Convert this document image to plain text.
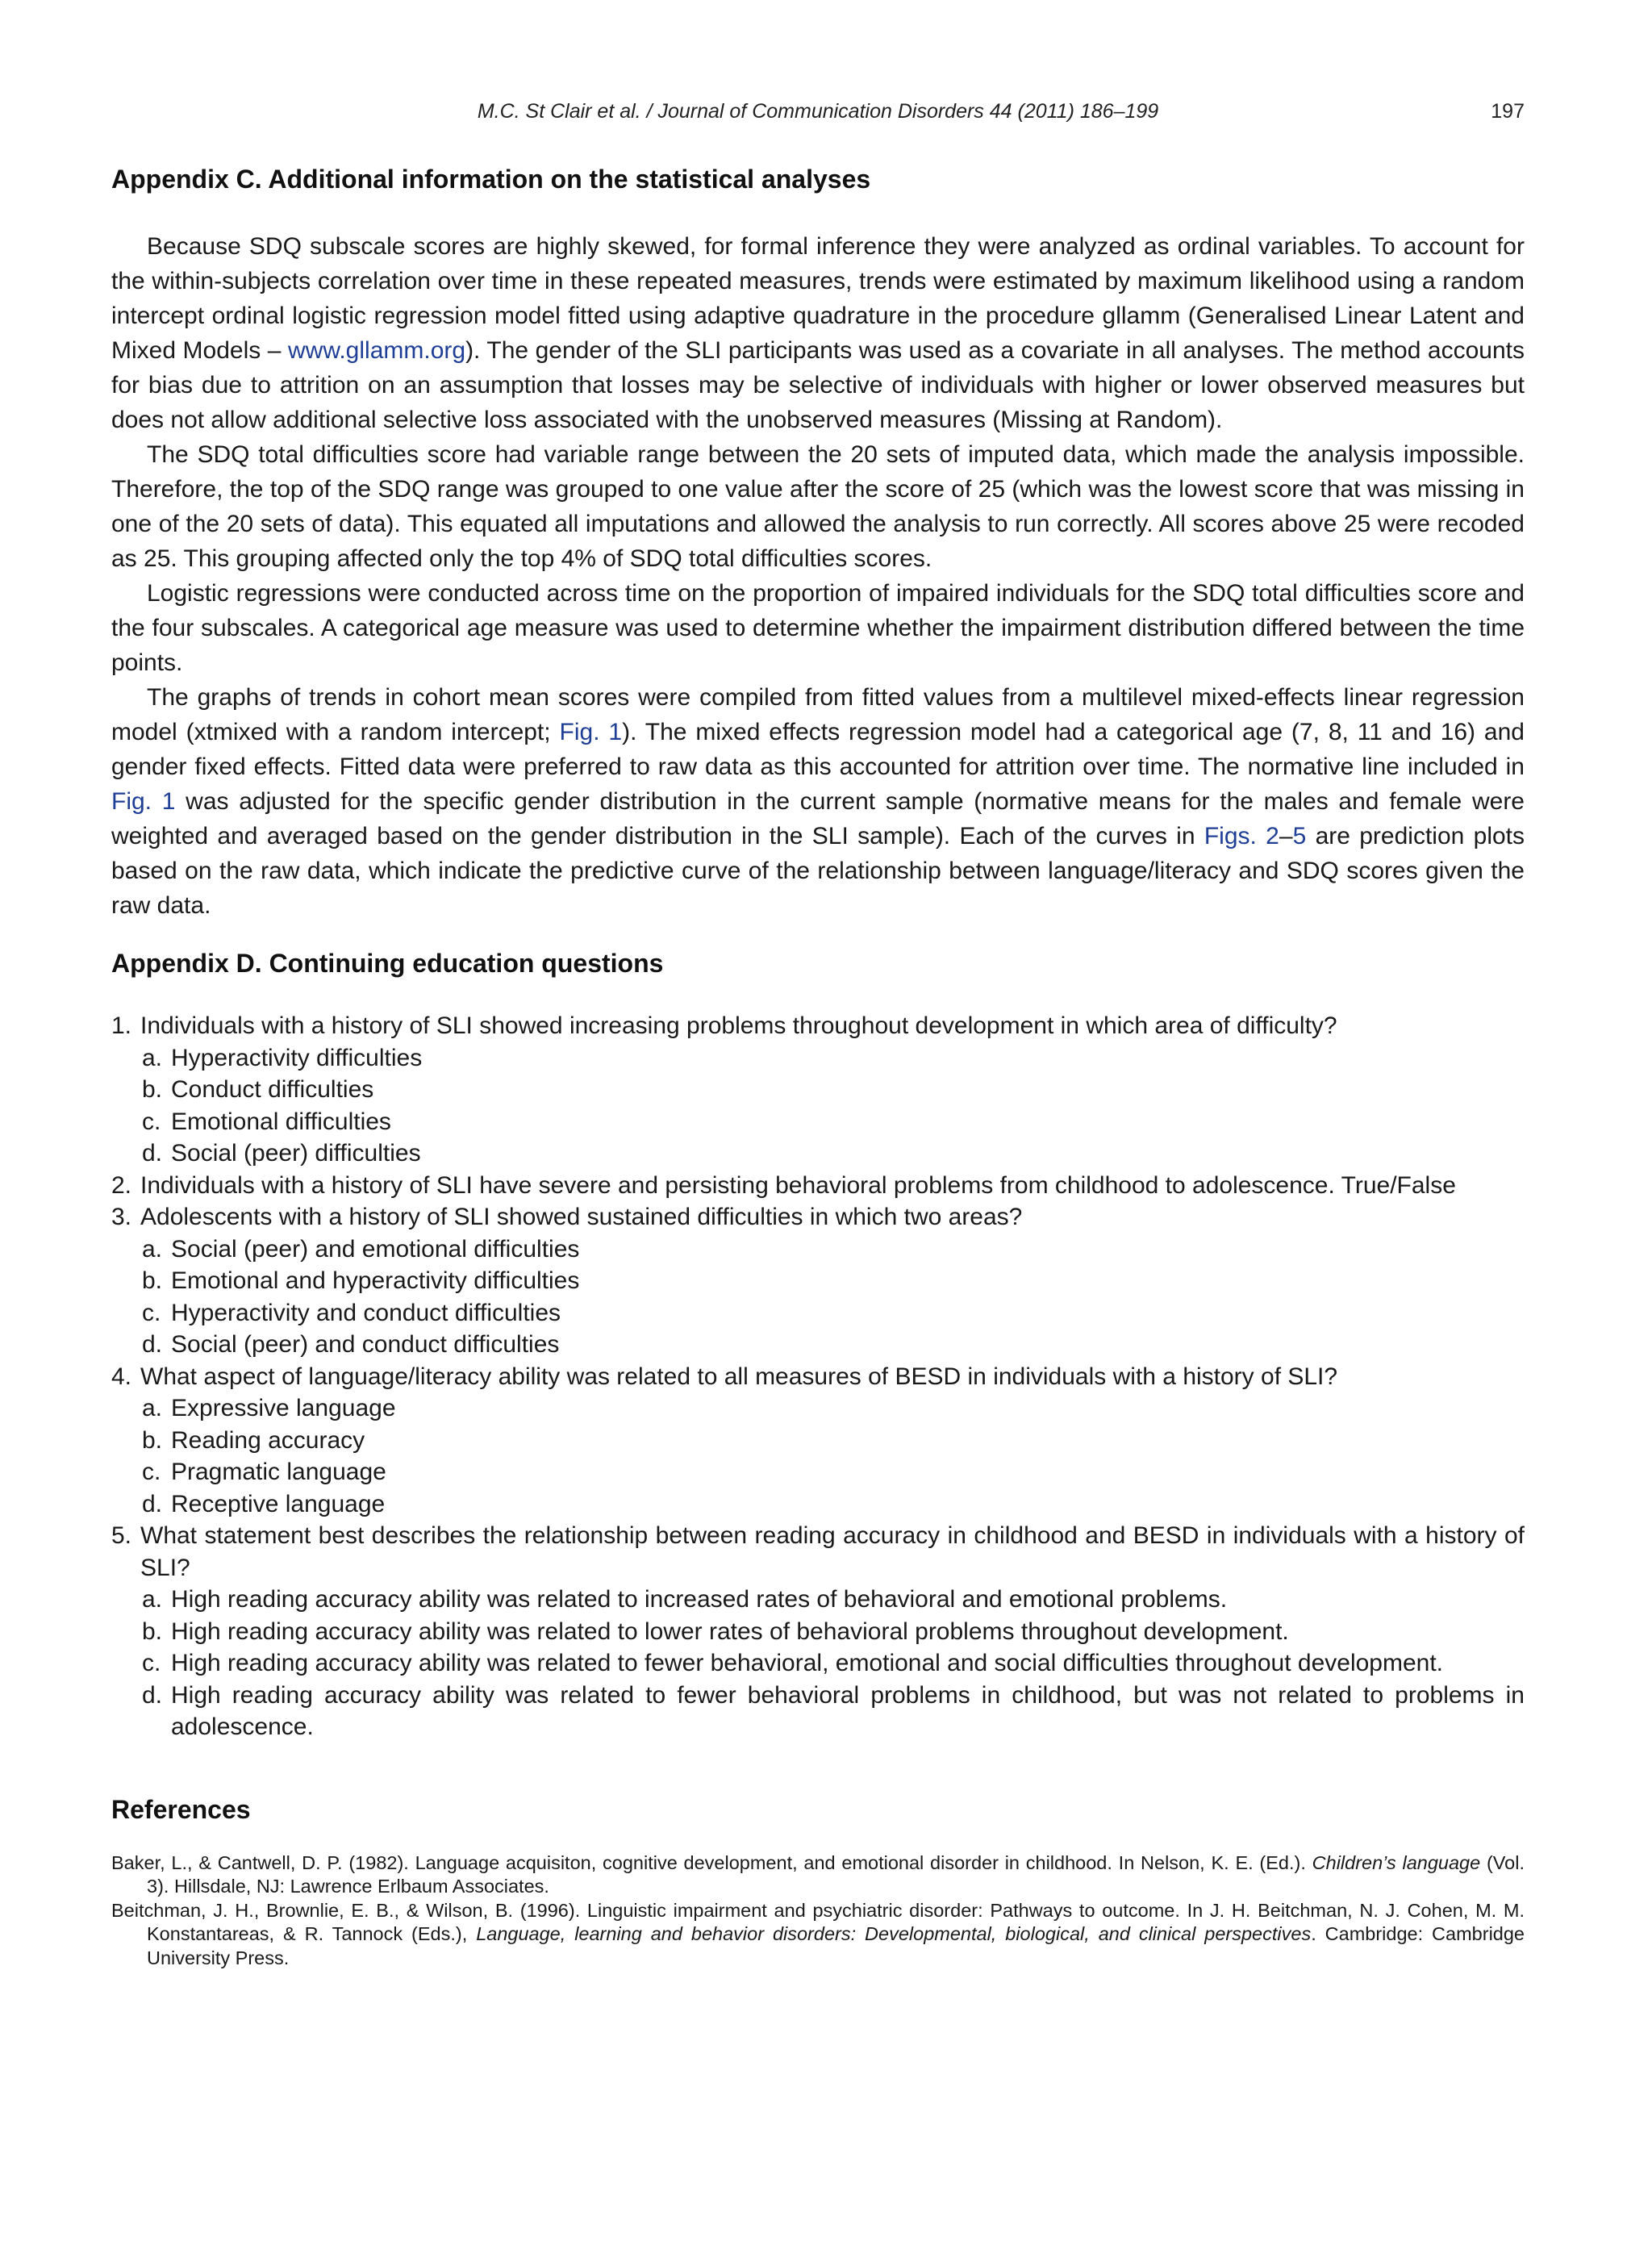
M.C. St Clair et al. / Journal of Communication Disorders 44 (2011) 186–199	197
Appendix C. Additional information on the statistical analyses

Because SDQ subscale scores are highly skewed, for formal inference they were analyzed as ordinal variables. To account for the within-subjects correlation over time in these repeated measures, trends were estimated by maximum likelihood using a random intercept ordinal logistic regression model fitted using adaptive quadrature in the procedure gllamm (Generalised Linear Latent and Mixed Models – www.gllamm.org). The gender of the SLI participants was used as a covariate in all analyses. The method accounts for bias due to attrition on an assumption that losses may be selective of individuals with higher or lower observed measures but does not allow additional selective loss associated with the unobserved measures (Missing at Random).

The SDQ total difficulties score had variable range between the 20 sets of imputed data, which made the analysis impossible. Therefore, the top of the SDQ range was grouped to one value after the score of 25 (which was the lowest score that was missing in one of the 20 sets of data). This equated all imputations and allowed the analysis to run correctly. All scores above 25 were recoded as 25. This grouping affected only the top 4% of SDQ total difficulties scores.

Logistic regressions were conducted across time on the proportion of impaired individuals for the SDQ total difficulties score and the four subscales. A categorical age measure was used to determine whether the impairment distribution differed between the time points.

The graphs of trends in cohort mean scores were compiled from fitted values from a multilevel mixed-effects linear regression model (xtmixed with a random intercept; Fig. 1). The mixed effects regression model had a categorical age (7, 8, 11 and 16) and gender fixed effects. Fitted data were preferred to raw data as this accounted for attrition over time. The normative line included in Fig. 1 was adjusted for the specific gender distribution in the current sample (normative means for the males and female were weighted and averaged based on the gender distribution in the SLI sample). Each of the curves in Figs. 2–5 are prediction plots based on the raw data, which indicate the predictive curve of the relationship between language/literacy and SDQ scores given the raw data.

Appendix D. Continuing education questions
1. Individuals with a history of SLI showed increasing problems throughout development in which area of difficulty?
a. Hyperactivity difficulties
b. Conduct difficulties
c. Emotional difficulties
d. Social (peer) difficulties
2. Individuals with a history of SLI have severe and persisting behavioral problems from childhood to adolescence. True/False
3. Adolescents with a history of SLI showed sustained difficulties in which two areas?
a. Social (peer) and emotional difficulties
b. Emotional and hyperactivity difficulties
c. Hyperactivity and conduct difficulties
d. Social (peer) and conduct difficulties
4. What aspect of language/literacy ability was related to all measures of BESD in individuals with a history of SLI?
a. Expressive language
b. Reading accuracy
c. Pragmatic language
d. Receptive language
5. What statement best describes the relationship between reading accuracy in childhood and BESD in individuals with a history of SLI?
a. High reading accuracy ability was related to increased rates of behavioral and emotional problems.
b. High reading accuracy ability was related to lower rates of behavioral problems throughout development.
c. High reading accuracy ability was related to fewer behavioral, emotional and social difficulties throughout development.
d. High reading accuracy ability was related to fewer behavioral problems in childhood, but was not related to problems in adolescence.
References

Baker, L., & Cantwell, D. P. (1982). Language acquisiton, cognitive development, and emotional disorder in childhood. In Nelson, K. E. (Ed.). Children’s language (Vol. 3). Hillsdale, NJ: Lawrence Erlbaum Associates.

Beitchman, J. H., Brownlie, E. B., & Wilson, B. (1996). Linguistic impairment and psychiatric disorder: Pathways to outcome. In J. H. Beitchman, N. J. Cohen, M. M. Konstantareas, & R. Tannock (Eds.), Language, learning and behavior disorders: Developmental, biological, and clinical perspectives. Cambridge: Cambridge University Press.
